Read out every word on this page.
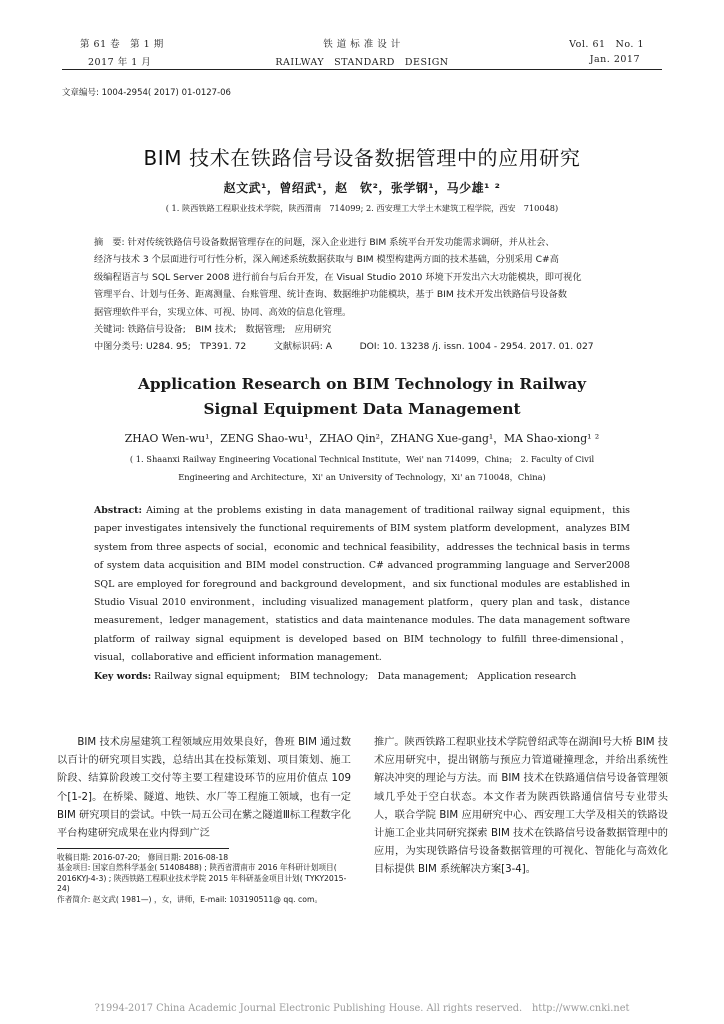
第 61 卷　第 1 期	铁 道 标 准 设 计	Vol. 61　No. 1
2017 年 1 月	RAILWAY　STANDARD　DESIGN	Jan. 2017
文章编号: 1004-2954( 2017) 01-0127-06
BIM 技术在铁路信号设备数据管理中的应用研究
赵文武¹，曾绍武¹，赵　钦²，张学钢¹，马少雄¹ ²
( 1. 陕西铁路工程职业技术学院，陕西渭南　714099; 2. 西安理工大学土木建筑工程学院，西安　710048)

摘　要: 针对传统铁路信号设备数据管理存在的问题，深入企业进行 BIM 系统平台开发功能需求调研，并从社会、

经济与技术 3 个层面进行可行性分析，深入阐述系统数据获取与 BIM 模型构建两方面的技术基础，分别采用 C#高

级编程语言与 SQL Server 2008 进行前台与后台开发，在 Visual Studio 2010 环境下开发出六大功能模块，即可视化

管理平台、计划与任务、距离测量、台账管理、统计查询、数据维护功能模块，基于 BIM 技术开发出铁路信号设备数

据管理软件平台，实现立体、可视、协同、高效的信息化管理。

关键词: 铁路信号设备;　BIM 技术;　数据管理;　应用研究

中图分类号: U284. 95;　TP391. 72　　　文献标识码: A　　　DOI: 10. 13238 /j. issn. 1004 - 2954. 2017. 01. 027

Application Research on BIM Technology in Railway
Signal Equipment Data Management
ZHAO Wen-wu¹，ZENG Shao-wu¹，ZHAO Qin²，ZHANG Xue-gang¹，MA Shao-xiong¹ ²
( 1. Shaanxi Railway Engineering Vocational Technical Institute，Wei' nan 714099，China;　2. Faculty of Civil
Engineering and Architecture，Xi' an University of Technology，Xi' an 710048，China)
Abstract: Aiming at the problems existing in data management of traditional railway signal equipment，this paper investigates intensively the functional requirements of BIM system platform development，analyzes BIM system from three aspects of social，economic and technical feasibility，addresses the technical basis in terms of system data acquisition and BIM model construction. C# advanced programming language and Server2008 SQL are employed for foreground and background development，and six functional modules are established in Studio Visual 2010 environment，including visualized management platform，query plan and task，distance measurement，ledger management，statistics and data maintenance modules. The data management software platform of railway signal equipment is developed based on BIM technology to fulfill three-dimensional，visual，collaborative and efficient information management.
Key words: Railway signal equipment;　BIM technology;　Data management;　Application research

BIM 技术房屋建筑工程领域应用效果良好，鲁班 BIM 通过数以百计的研究项目实践，总结出其在投标策划、项目策划、施工阶段、结算阶段竣工交付等主要工程建设环节的应用价值点 109 个[1-2]。在桥梁、隧道、地铁、水厂等工程施工领域，也有一定 BIM 研究项目的尝试。中铁一局五公司在紫之隧道Ⅲ标工程数字化平台构建研究成果在业内得到广泛

推广。陕西铁路工程职业技术学院曾绍武等在湖润Ⅰ号大桥 BIM 技术应用研究中，提出钢筋与预应力管道碰撞理念，并给出系统性解决冲突的理论与方法。而 BIM 技术在铁路通信信号设备管理领域几乎处于空白状态。本文作者为陕西铁路通信信号专业带头人，联合学院 BIM 应用研究中心、西安理工大学及相关的铁路设计施工企业共同研究探索 BIM 技术在铁路信号设备数据管理中的应用，为实现铁路信号设备数据管理的可视化、智能化与高效化目标提供 BIM 系统解决方案[3-4]。

收稿日期: 2016-07-20;　修回日期: 2016-08-18

基金项目: 国家自然科学基金( 51408488) ; 陕西省渭南市 2016 年科研计划项目( 2016KYJ-4-3) ; 陕西铁路工程职业技术学院 2015 年科研基金项目计划( TYKY2015-24)

作者简介: 赵文武( 1981—) ，女，讲师，E-mail: 103190511@ qq. com。

?1994-2017 China Academic Journal Electronic Publishing House. All rights reserved.　http://www.cnki.net
